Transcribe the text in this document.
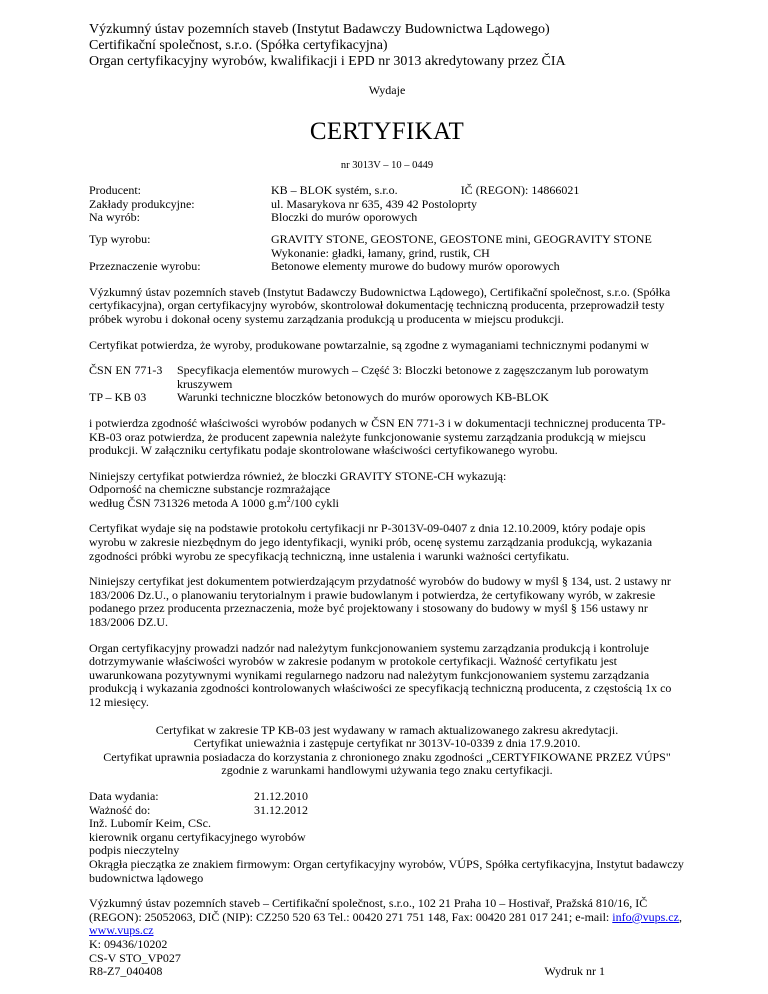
Výzkumný ústav pozemních staveb (Instytut Badawczy Budownictwa Lądowego)
Certifikační společnost, s.r.o. (Spółka certyfikacyjna)
Organ certyfikacyjny wyrobów, kwalifikacji i EPD nr 3013 akredytowany przez ČIA
Wydaje
CERTYFIKAT
nr 3013V – 10 – 0449
Producent:	KB – BLOK systém, s.r.o.	IČ (REGON): 14866021
Zakłady produkcyjne:	ul. Masarykova nr 635, 439 42 Postoloprty
Na wyrób:	Bloczki do murów oporowych
Typ wyrobu:	GRAVITY STONE, GEOSTONE, GEOSTONE mini, GEOGRAVITY STONE
Wykonanie: gładki, łamany, grind, rustik, CH
Przeznaczenie wyrobu:	Betonowe elementy murowe do budowy murów oporowych
Výzkumný ústav pozemních staveb (Instytut Badawczy Budownictwa Lądowego), Certifikační společnost, s.r.o. (Spółka certyfikacyjna), organ certyfikacyjny wyrobów, skontrolował dokumentację techniczną producenta, przeprowadził testy próbek wyrobu i dokonał oceny systemu zarządzania produkcją u producenta w miejscu produkcji.
Certyfikat potwierdza, że wyroby, produkowane powtarzalnie, są zgodne z wymaganiami technicznymi podanymi w
ČSN EN 771-3	Specyfikacja elementów murowych – Część 3: Bloczki betonowe z zagęszczanym lub porowatym kruszywem
TP – KB 03	Warunki techniczne bloczków betonowych do murów oporowych KB-BLOK
i potwierdza zgodność właściwości wyrobów podanych w ČSN EN 771-3 i w dokumentacji technicznej producenta TP-KB-03 oraz potwierdza, że producent zapewnia należyte funkcjonowanie systemu zarządzania produkcją w miejscu produkcji. W załączniku certyfikatu podaje skontrolowane właściwości certyfikowanego wyrobu.
Niniejszy certyfikat potwierdza również, że bloczki GRAVITY STONE-CH wykazują:
Odporność na chemiczne substancje rozmrażające
według ČSN 731326 metoda A 1000 $g.m^2/100$ cykli
Certyfikat wydaje się na podstawie protokołu certyfikacji nr P-3013V-09-0407 z dnia 12.10.2009, który podaje opis wyrobu w zakresie niezbędnym do jego identyfikacji, wyniki prób, ocenę systemu zarządzania produkcją, wykazania zgodności próbki wyrobu ze specyfikacją techniczną, inne ustalenia i warunki ważności certyfikatu.
Niniejszy certyfikat jest dokumentem potwierdzającym przydatność wyrobów do budowy w myśl § 134, ust. 2 ustawy nr 183/2006 Dz.U., o planowaniu terytorialnym i prawie budowlanym i potwierdza, że certyfikowany wyrób, w zakresie podanego przez producenta przeznaczenia, może być projektowany i stosowany do budowy w myśl § 156 ustawy nr 183/2006 DZ.U.
Organ certyfikacyjny prowadzi nadzór nad należytym funkcjonowaniem systemu zarządzania produkcją i kontroluje dotrzymywanie właściwości wyrobów w zakresie podanym w protokole certyfikacji. Ważność certyfikatu jest uwarunkowana pozytywnymi wynikami regularnego nadzoru nad należytym funkcjonowaniem systemu zarządzania produkcją i wykazania zgodności kontrolowanych właściwości ze specyfikacją techniczną producenta, z częstością 1x co 12 miesięcy.
Certyfikat w zakresie TP KB-03 jest wydawany w ramach aktualizowanego zakresu akredytacji.
Certyfikat unieważnia i zastępuje certyfikat nr 3013V-10-0339 z dnia 17.9.2010.
Certyfikat uprawnia posiadacza do korzystania z chronionego znaku zgodności „CERTYFIKOWANE PRZEZ VÚPS"
zgodnie z warunkami handlowymi używania tego znaku certyfikacji.
Data wydania:	21.12.2010
Ważność do:	31.12.2012
Inž. Lubomír Keim, CSc.
kierownik organu certyfikacyjnego wyrobów
podpis nieczytelny
Okrągła pieczątka ze znakiem firmowym: Organ certyfikacyjny wyrobów, VÚPS, Spółka certyfikacyjna, Instytut badawczy budownictwa lądowego
Výzkumný ústav pozemních staveb – Certifikační společnost, s.r.o., 102 21 Praha 10 – Hostivař, Pražská 810/16, IČ (REGON): 25052063, DIČ (NIP): CZ250 520 63 Tel.: 00420 271 751 148, Fax: 00420 281 017 241; e-mail: info@vups.cz,
www.vups.cz
K: 09436/10202
CS-V STO_VP027
R8-Z7_040408	Wydruk nr 1
